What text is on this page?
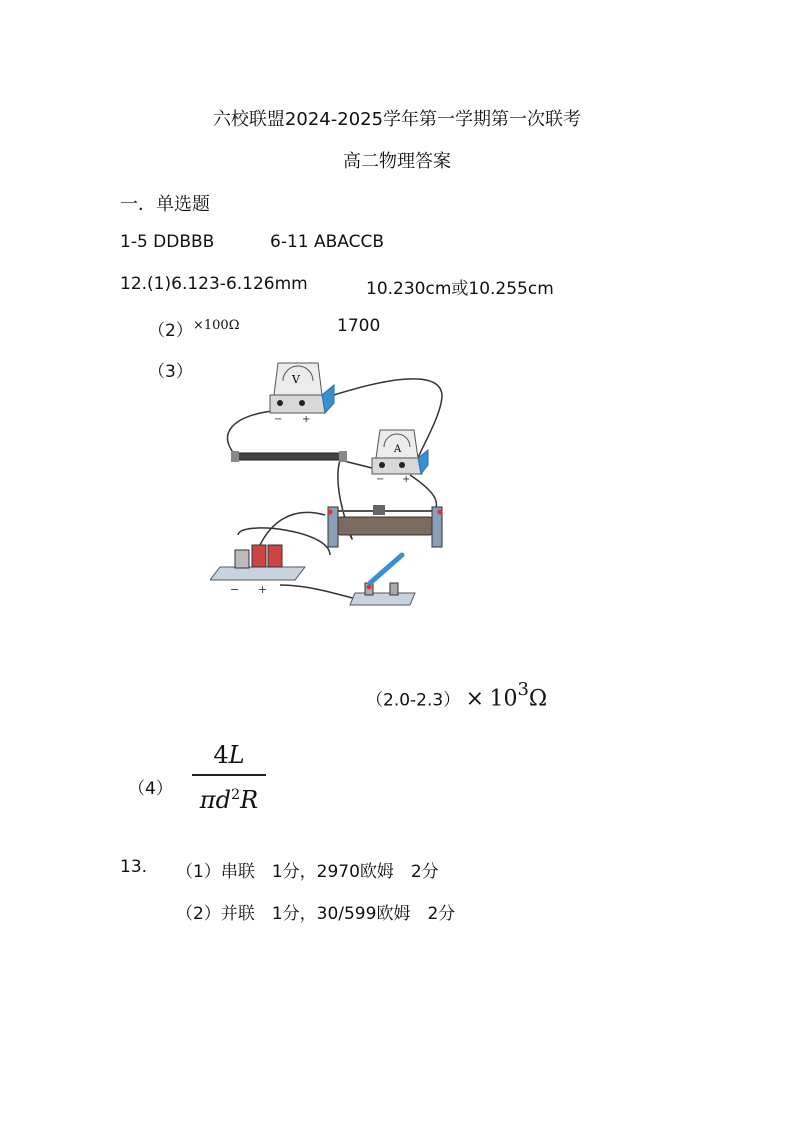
六校联盟2024-2025学年第一学期第一次联考
高二物理答案
一．单选题
1-5 DDBBB	6-11 ABACCB
12.(1)6.123-6.126mm	10.230cm或10.255cm
（2） ×100Ω	1700
（3）	V
− +
A
− +
− +
$(2.0-2.3) \times 10^3\Omega$
（4）
4L
$\pi d^2R$
13. （1）串联　1分，2970欧姆　2分
（2）并联　1分，30/599欧姆　2分
